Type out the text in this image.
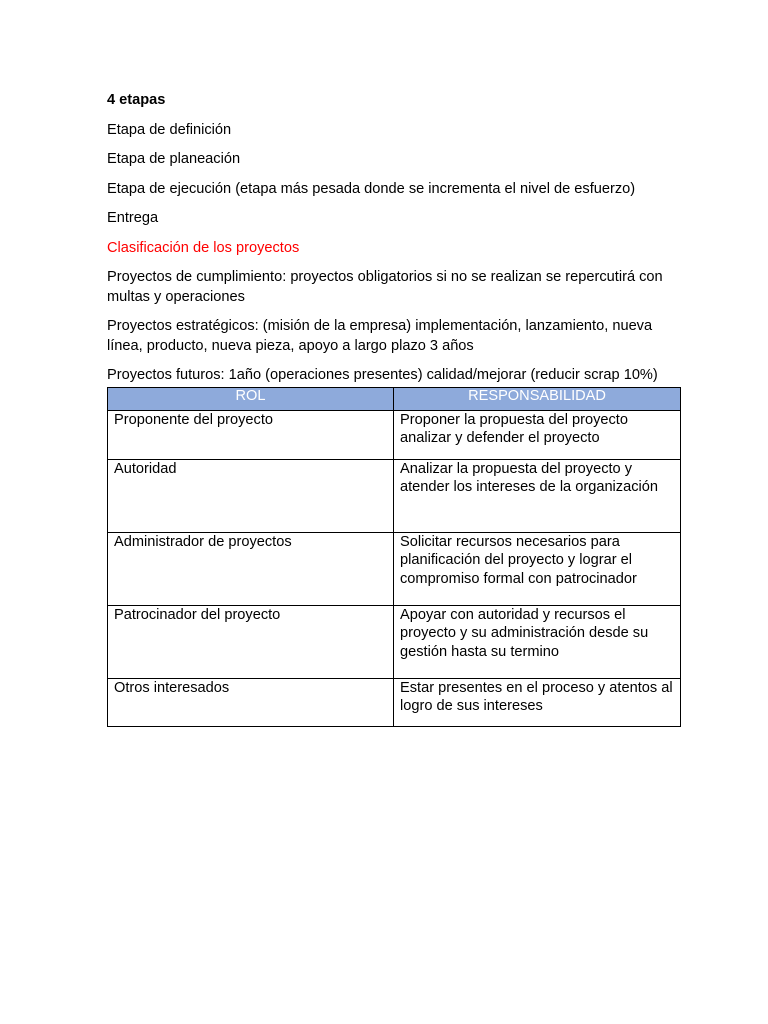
4 etapas

Etapa de definición

Etapa de planeación

Etapa de ejecución (etapa más pesada donde se incrementa el nivel de esfuerzo)

Entrega

Clasificación de los proyectos

Proyectos de cumplimiento: proyectos obligatorios si no se realizan se repercutirá con multas y operaciones

Proyectos estratégicos: (misión de la empresa) implementación, lanzamiento, nueva línea, producto, nueva pieza, apoyo a largo plazo 3 años

Proyectos futuros: 1año (operaciones presentes) calidad/mejorar (reducir scrap 10%)

ROL	RESPONSABILIDAD
Proponente del proyecto	Proponer la propuesta del proyecto analizar y defender el proyecto
Autoridad	Analizar la propuesta del proyecto y atender los intereses de la organización
Administrador de proyectos	Solicitar recursos necesarios para planificación del proyecto y lograr el compromiso formal con patrocinador
Patrocinador del proyecto	Apoyar con autoridad y recursos el proyecto y su administración desde su gestión hasta su termino
Otros interesados	Estar presentes en el proceso y atentos al logro de sus intereses
